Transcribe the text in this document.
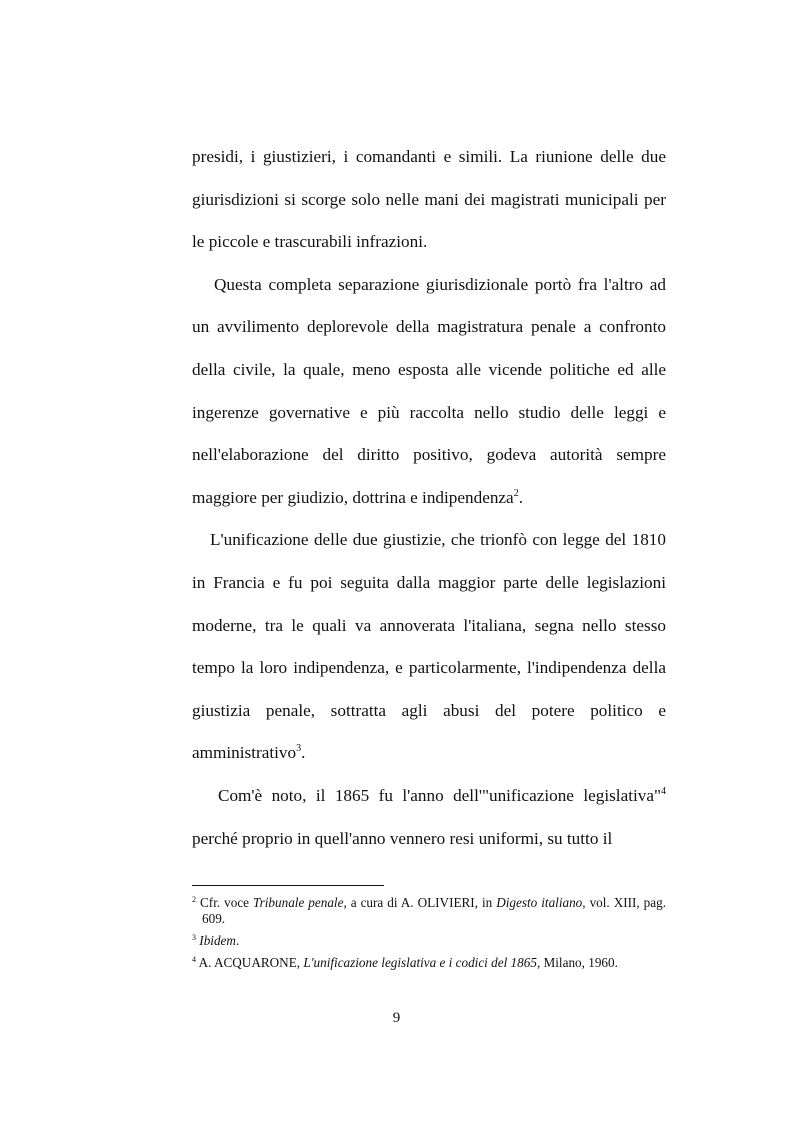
presidi, i giustizieri, i comandanti e simili. La riunione delle due giurisdizioni si scorge solo nelle mani dei magistrati municipali per le piccole e trascurabili infrazioni.

Questa completa separazione giurisdizionale portò fra l'altro ad un avvilimento deplorevole della magistratura penale a confronto della civile, la quale, meno esposta alle vicende politiche ed alle ingerenze governative e più raccolta nello studio delle leggi e nell'elaborazione del diritto positivo, godeva autorità sempre maggiore per giudizio, dottrina e indipendenza$^2$.

L'unificazione delle due giustizie, che trionfò con legge del 1810 in Francia e fu poi seguita dalla maggior parte delle legislazioni moderne, tra le quali va annoverata l'italiana, segna nello stesso tempo la loro indipendenza, e particolarmente, l'indipendenza della giustizia penale, sottratta agli abusi del potere politico e amministrativo$^3$.

Com'è noto, il 1865 fu l'anno dell'"unificazione legislativa"$^4$ perché proprio in quell'anno vennero resi uniformi, su tutto il

$^2$ Cfr. voce Tribunale penale, a cura di A. OLIVIERI, in Digesto italiano, vol. XIII, pag. 609.

$^3$ Ibidem.

$^4$ A. ACQUARONE, L'unificazione legislativa e i codici del 1865, Milano, 1960.

9
